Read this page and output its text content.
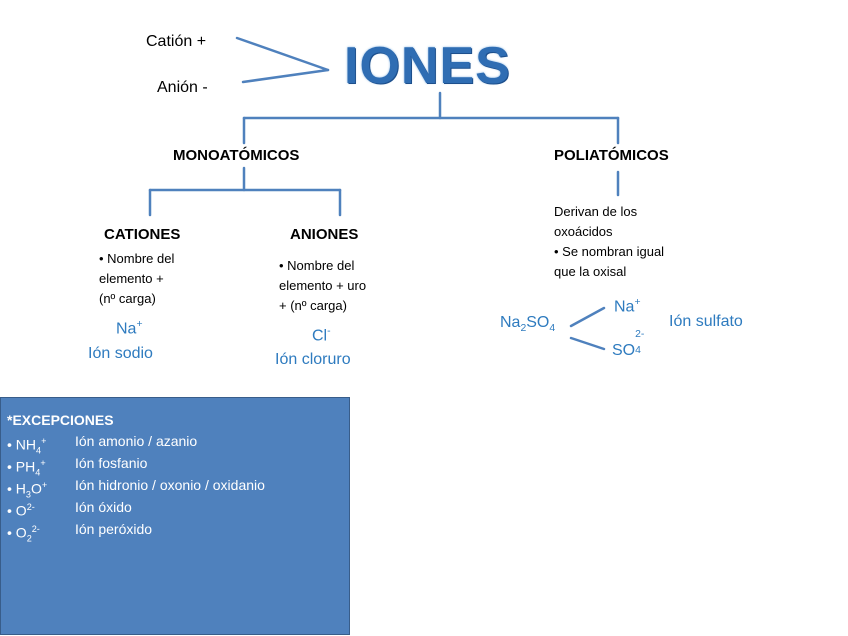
Catión +
Anión -	IONES
MONOATÓMICOS	POLIATÓMICOS
CATIONES
• Nombre del
elemento +
(nº carga)
Na+
Ión sodio
ANIONES
• Nombre del
elemento + uro
+ (nº carga)
Cl-
Ión cloruro
Derivan de los
oxoácidos
• Se nombran igual
que la oxisal
$Na_2SO_4$
Na+
SO
2-
4
Ión sulfato
*EXCEPCIONES
• $NH_4^+$ Ión amonio / azanio
• $PH_4^+$ Ión fosfanio
• $H_3O^+$ Ión hidronio / oxonio / oxidanio
• $O^{2-}$	Ión óxido
• $O_2^{2-}$	Ión peróxido
